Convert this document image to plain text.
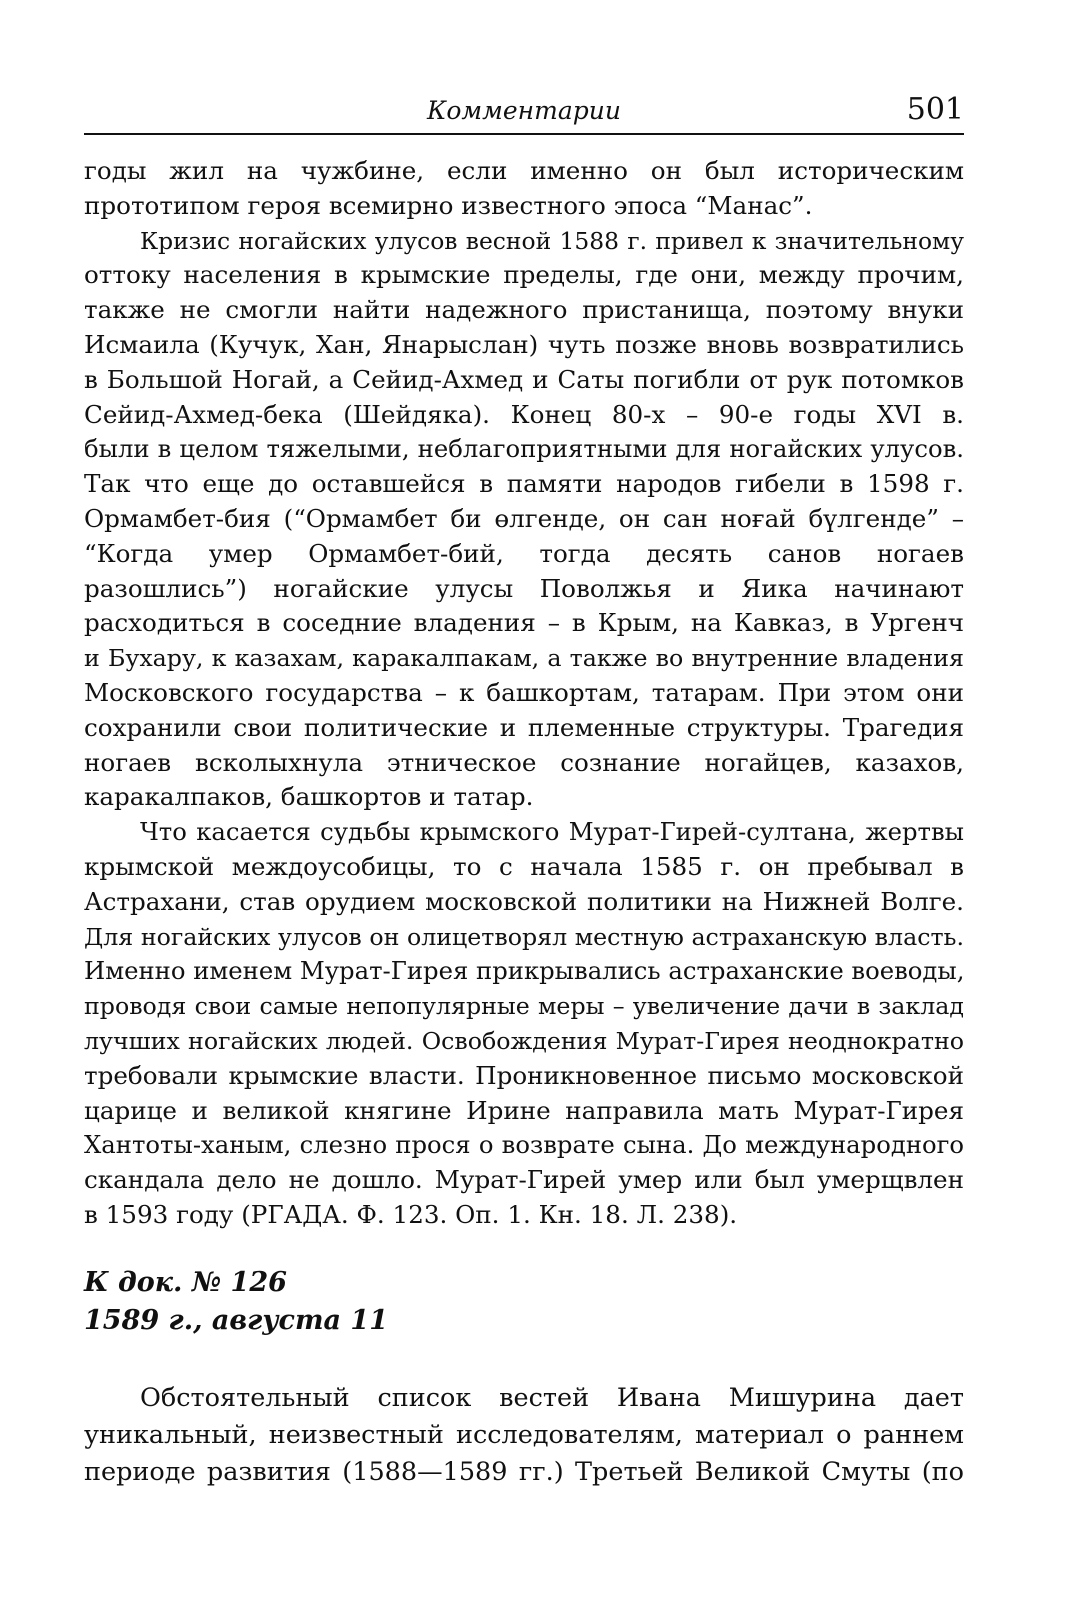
Комментарии	501
годы жил на чужбине, если именно он был историческим
прототипом героя всемирно известного эпоса “Манас”.
Кризис ногайских улусов весной 1588 г. привел к значительному
оттоку населения в крымские пределы, где они, между прочим,
также не смогли найти надежного пристанища, поэтому внуки
Исмаила (Кучук, Хан, Янарыслан) чуть позже вновь возвратились
в Большой Ногай, а Сейид-Ахмед и Саты погибли от рук потомков
Сейид-Ахмед-бека (Шейдяка). Конец 80-х – 90-е годы XVI в.
были в целом тяжелыми, неблагоприятными для ногайских улусов.
Так что еще до оставшейся в памяти народов гибели в 1598 г.
Ормамбет-бия (“Ормамбет би өлгенде, он сан ноғай бүлгенде” –
“Когда умер Ормамбет-бий, тогда десять санов ногаев
разошлись”) ногайские улусы Поволжья и Яика начинают
расходиться в соседние владения – в Крым, на Кавказ, в Ургенч
и Бухару, к казахам, каракалпакам, а также во внутренние владения
Московского государства – к башкортам, татарам. При этом они
сохранили свои политические и племенные структуры. Трагедия
ногаев всколыхнула этническое сознание ногайцев, казахов,
каракалпаков, башкортов и татар.
Что касается судьбы крымского Мурат-Гирей-султана, жертвы
крымской междоусобицы, то с начала 1585 г. он пребывал в
Астрахани, став орудием московской политики на Нижней Волге.
Для ногайских улусов он олицетворял местную астраханскую власть.
Именно именем Мурат-Гирея прикрывались астраханские воеводы,
проводя свои самые непопулярные меры – увеличение дачи в заклад
лучших ногайских людей. Освобождения Мурат-Гирея неоднократно
требовали крымские власти. Проникновенное письмо московской
царице и великой княгине Ирине направила мать Мурат-Гирея
Хантоты-ханым, слезно прося о возврате сына. До международного
скандала дело не дошло. Мурат-Гирей умер или был умерщвлен
в 1593 году (РГАДА. Ф. 123. Оп. 1. Кн. 18. Л. 238).
К док. № 126
1589 г., августа 11
Обстоятельный список вестей Ивана Мишурина дает
уникальный, неизвестный исследователям, материал о раннем
периоде развития (1588—1589 гг.) Третьей Великой Смуты (по
